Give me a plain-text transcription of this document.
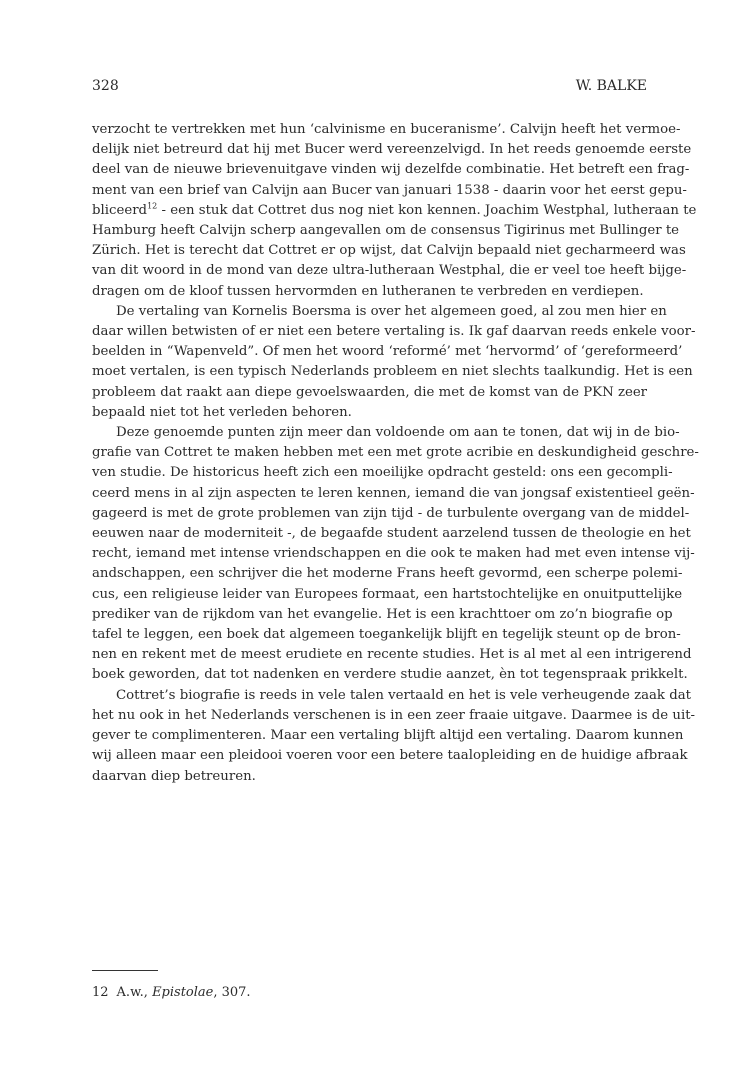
328	W. BALKE
verzocht te vertrekken met hun ‘calvinisme en buceranisme’. Calvijn heeft het vermoe-
delijk niet betreurd dat hij met Bucer werd vereenzelvigd. In het reeds genoemde eerste
deel van de nieuwe brievenuitgave vinden wij dezelfde combinatie. Het betreft een frag-
ment van een brief van Calvijn aan Bucer van januari 1538 - daarin voor het eerst gepu-
bliceerd$^{12}$ - een stuk dat Cottret dus nog niet kon kennen. Joachim Westphal, lutheraan te
Hamburg heeft Calvijn scherp aangevallen om de consensus Tigirinus met Bullinger te
Zürich. Het is terecht dat Cottret er op wijst, dat Calvijn bepaald niet gecharmeerd was
van dit woord in de mond van deze ultra-lutheraan Westphal, die er veel toe heeft bijge-
dragen om de kloof tussen hervormden en lutheranen te verbreden en verdiepen.
De vertaling van Kornelis Boersma is over het algemeen goed, al zou men hier en
daar willen betwisten of er niet een betere vertaling is. Ik gaf daarvan reeds enkele voor-
beelden in “Wapenveld”. Of men het woord ‘reformé’ met ‘hervormd’ of ‘gereformeerd’
moet vertalen, is een typisch Nederlands probleem en niet slechts taalkundig. Het is een
probleem dat raakt aan diepe gevoelswaarden, die met de komst van de PKN zeer
bepaald niet tot het verleden behoren.
Deze genoemde punten zijn meer dan voldoende om aan te tonen, dat wij in de bio-
grafie van Cottret te maken hebben met een met grote acribie en deskundigheid geschre-
ven studie. De historicus heeft zich een moeilijke opdracht gesteld: ons een gecompli-
ceerd mens in al zijn aspecten te leren kennen, iemand die van jongsaf existentieel geën-
gageerd is met de grote problemen van zijn tijd - de turbulente overgang van de middel-
eeuwen naar de moderniteit -, de begaafde student aarzelend tussen de theologie en het
recht, iemand met intense vriendschappen en die ook te maken had met even intense vij-
andschappen, een schrijver die het moderne Frans heeft gevormd, een scherpe polemi-
cus, een religieuse leider van Europees formaat, een hartstochtelijke en onuitputtelijke
prediker van de rijkdom van het evangelie. Het is een krachttoer om zo’n biografie op
tafel te leggen, een boek dat algemeen toegankelijk blijft en tegelijk steunt op de bron-
nen en rekent met de meest erudiete en recente studies. Het is al met al een intrigerend
boek geworden, dat tot nadenken en verdere studie aanzet, èn tot tegenspraak prikkelt.
Cottret’s biografie is reeds in vele talen vertaald en het is vele verheugende zaak dat
het nu ook in het Nederlands verschenen is in een zeer fraaie uitgave. Daarmee is de uit-
gever te complimenteren. Maar een vertaling blijft altijd een vertaling. Daarom kunnen
wij alleen maar een pleidooi voeren voor een betere taalopleiding en de huidige afbraak
daarvan diep betreuren.
12 A.w., Epistolae, 307.
